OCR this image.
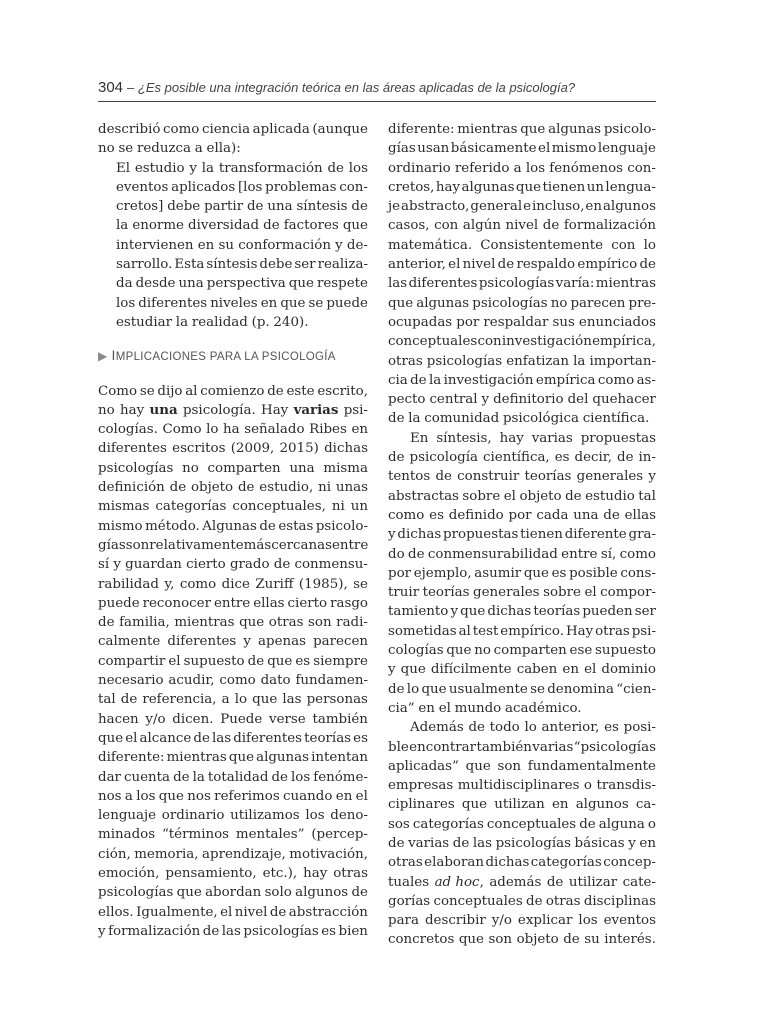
304 – ¿Es posible una integración teórica en las áreas aplicadas de la psicología?
describió como ciencia aplicada (aunque
no se reduzca a ella):
El estudio y la transformación de los
eventos aplicados [los problemas con-
cretos] debe partir de una síntesis de
la enorme diversidad de factores que
intervienen en su conformación y de-
sarrollo. Esta síntesis debe ser realiza-
da desde una perspectiva que respete
los diferentes niveles en que se puede
estudiar la realidad (p. 240).
▶ IMPLICACIONES PARA LA PSICOLOGÍA
Como se dijo al comienzo de este escrito,
no hay una psicología. Hay varias psi-
cologías. Como lo ha señalado Ribes en
diferentes escritos (2009, 2015) dichas
psicologías no comparten una misma
definición de objeto de estudio, ni unas
mismas categorías conceptuales, ni un
mismo método. Algunas de estas psicolo-
gías son relativamente más cercanas entre
sí y guardan cierto grado de conmensu-
rabilidad y, como dice Zuriff (1985), se
puede reconocer entre ellas cierto rasgo
de familia, mientras que otras son radi-
calmente diferentes y apenas parecen
compartir el supuesto de que es siempre
necesario acudir, como dato fundamen-
tal de referencia, a lo que las personas
hacen y/o dicen. Puede verse también
que el alcance de las diferentes teorías es
diferente: mientras que algunas intentan
dar cuenta de la totalidad de los fenóme-
nos a los que nos referimos cuando en el
lenguaje ordinario utilizamos los deno-
minados “términos mentales” (percep-
ción, memoria, aprendizaje, motivación,
emoción, pensamiento, etc.), hay otras
psicologías que abordan solo algunos de
ellos. Igualmente, el nivel de abstracción
y formalización de las psicologías es bien
diferente: mientras que algunas psicolo-
gías usan básicamente el mismo lenguaje
ordinario referido a los fenómenos con-
cretos, hay algunas que tienen un lengua-
je abstracto, general e incluso, en algunos
casos, con algún nivel de formalización
matemática. Consistentemente con lo
anterior, el nivel de respaldo empírico de
las diferentes psicologías varía: mientras
que algunas psicologías no parecen pre-
ocupadas por respaldar sus enunciados
conceptuales con investigación empírica,
otras psicologías enfatizan la importan-
cia de la investigación empírica como as-
pecto central y definitorio del quehacer
de la comunidad psicológica científica.
En síntesis, hay varias propuestas
de psicología científica, es decir, de in-
tentos de construir teorías generales y
abstractas sobre el objeto de estudio tal
como es definido por cada una de ellas
y dichas propuestas tienen diferente gra-
do de conmensurabilidad entre sí, como
por ejemplo, asumir que es posible cons-
truir teorías generales sobre el compor-
tamiento y que dichas teorías pueden ser
sometidas al test empírico. Hay otras psi-
cologías que no comparten ese supuesto
y que difícilmente caben en el dominio
de lo que usualmente se denomina “cien-
cia” en el mundo académico.
Además de todo lo anterior, es posi-
ble encontrar también varias “psicologías
aplicadas” que son fundamentalmente
empresas multidisciplinares o transdis-
ciplinares que utilizan en algunos ca-
sos categorías conceptuales de alguna o
de varias de las psicologías básicas y en
otras elaboran dichas categorías concep-
tuales ad hoc, además de utilizar cate-
gorías conceptuales de otras disciplinas
para describir y/o explicar los eventos
concretos que son objeto de su interés.
